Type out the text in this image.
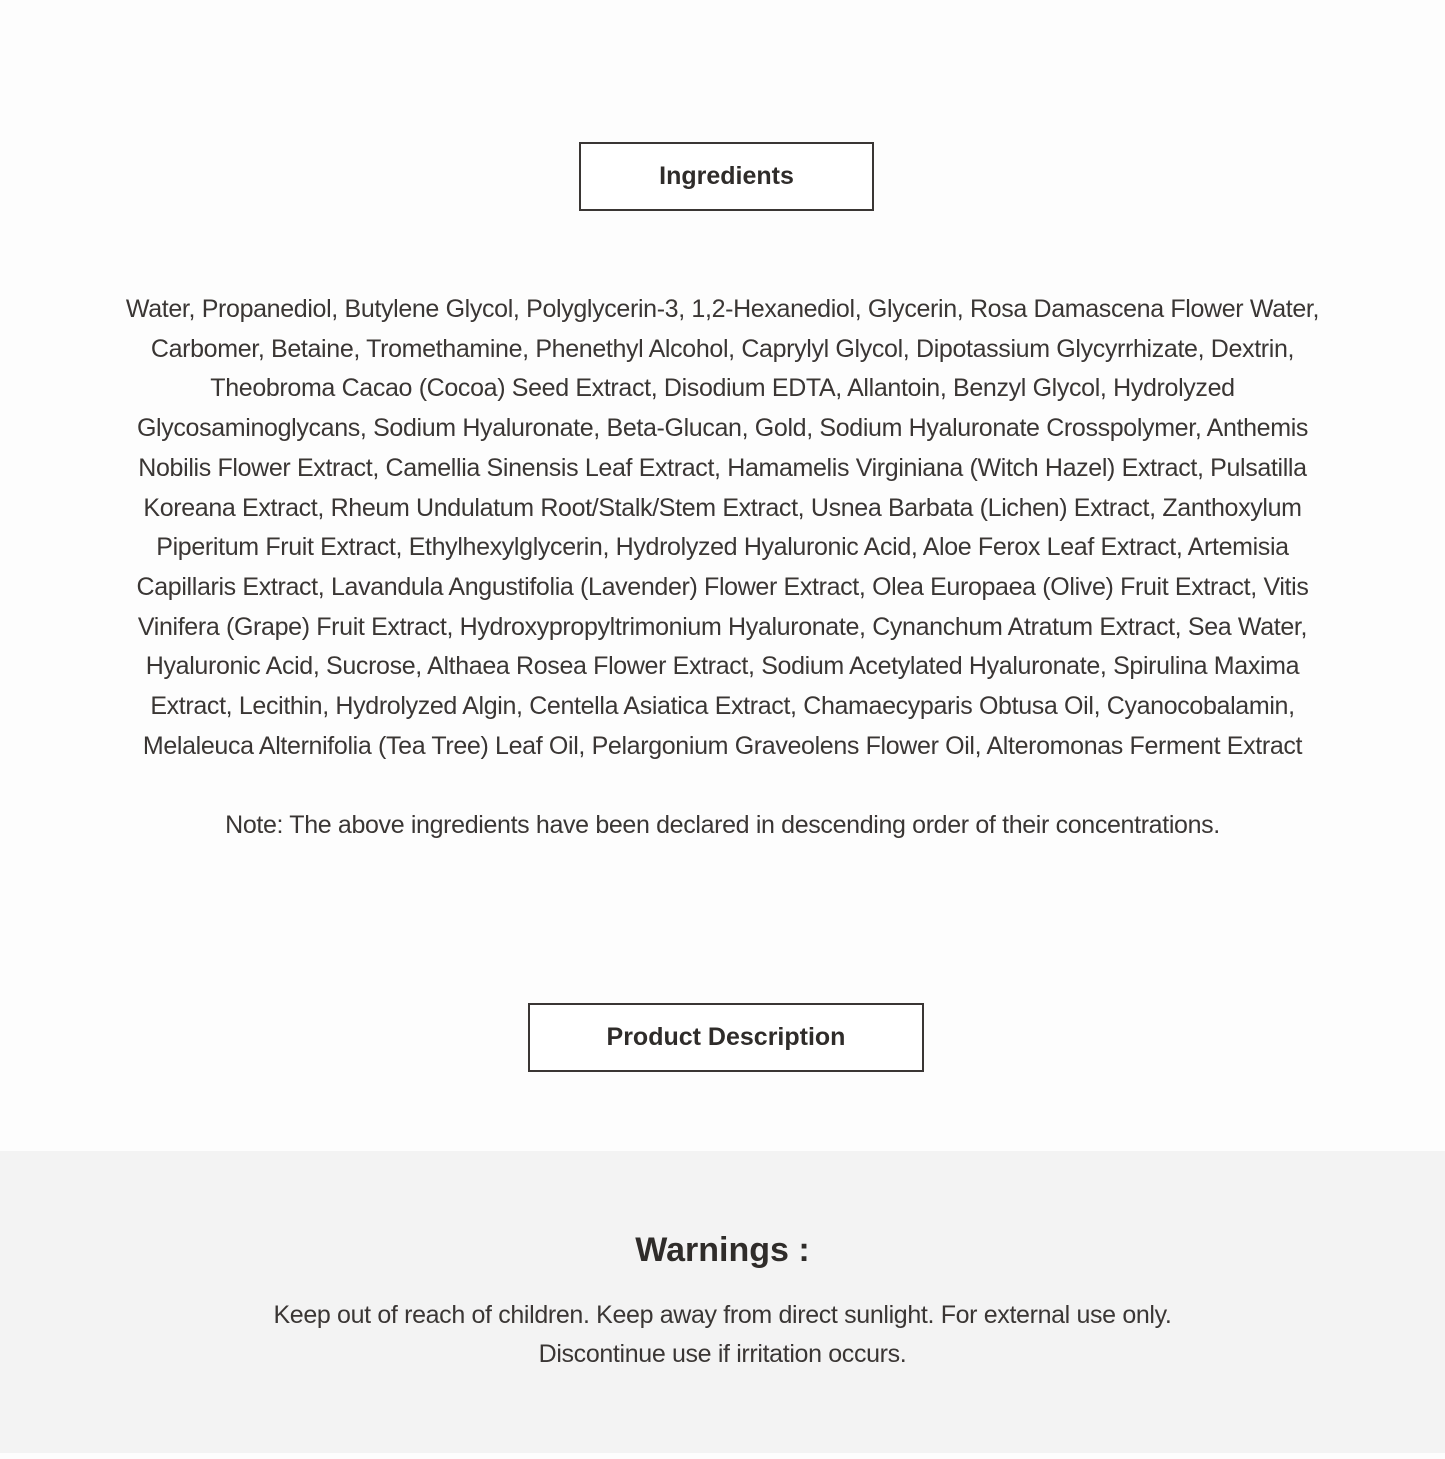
Ingredients
Water, Propanediol, Butylene Glycol, Polyglycerin-3, 1,2-Hexanediol, Glycerin, Rosa Damascena Flower Water,
Carbomer, Betaine, Tromethamine, Phenethyl Alcohol, Caprylyl Glycol, Dipotassium Glycyrrhizate, Dextrin,
Theobroma Cacao (Cocoa) Seed Extract, Disodium EDTA, Allantoin, Benzyl Glycol, Hydrolyzed
Glycosaminoglycans, Sodium Hyaluronate, Beta-Glucan, Gold, Sodium Hyaluronate Crosspolymer, Anthemis
Nobilis Flower Extract, Camellia Sinensis Leaf Extract, Hamamelis Virginiana (Witch Hazel) Extract, Pulsatilla
Koreana Extract, Rheum Undulatum Root/Stalk/Stem Extract, Usnea Barbata (Lichen) Extract, Zanthoxylum
Piperitum Fruit Extract, Ethylhexylglycerin, Hydrolyzed Hyaluronic Acid, Aloe Ferox Leaf Extract, Artemisia
Capillaris Extract, Lavandula Angustifolia (Lavender) Flower Extract, Olea Europaea (Olive) Fruit Extract, Vitis
Vinifera (Grape) Fruit Extract, Hydroxypropyltrimonium Hyaluronate, Cynanchum Atratum Extract, Sea Water,
Hyaluronic Acid, Sucrose, Althaea Rosea Flower Extract, Sodium Acetylated Hyaluronate, Spirulina Maxima
Extract, Lecithin, Hydrolyzed Algin, Centella Asiatica Extract, Chamaecyparis Obtusa Oil, Cyanocobalamin,
Melaleuca Alternifolia (Tea Tree) Leaf Oil, Pelargonium Graveolens Flower Oil, Alteromonas Ferment Extract
Note: The above ingredients have been declared in descending order of their concentrations.
Product Description
Warnings :
Keep out of reach of children. Keep away from direct sunlight. For external use only.
Discontinue use if irritation occurs.
